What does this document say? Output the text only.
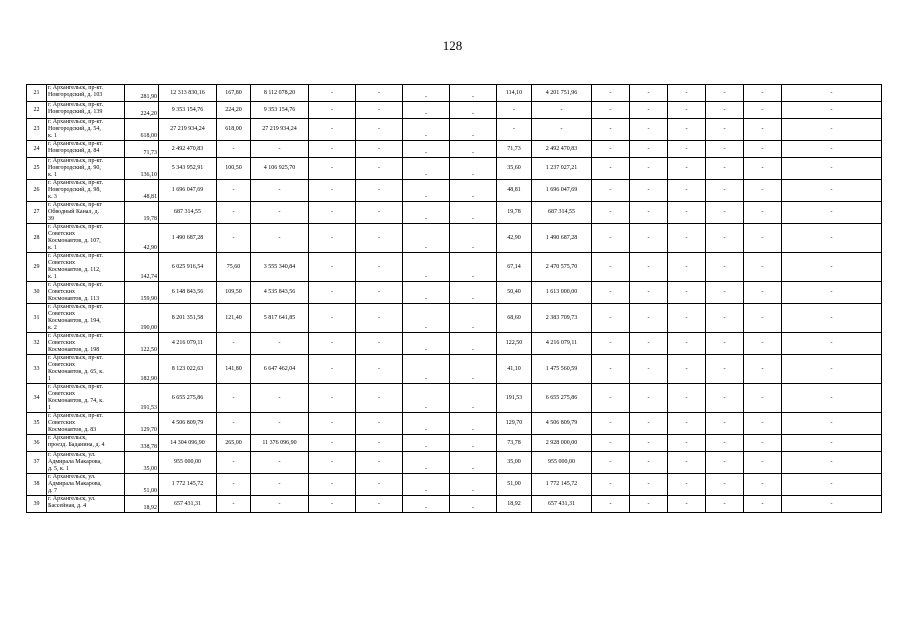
128
21	г. Архангельск, пр-кт.
Новгородский, д. 103	281,90	12 313 830,16	167,80	8 112 078,20	-	-	-	-	114,10	4 201 751,96	-	-	-	-	-	-
22	г. Архангельск, пр-кт.
Новгородский, д. 139	224,20	9 353 154,76	224,20	9 353 154,76	-	-	-	-	-	-	-	-	-	-	-	-
23	г. Архангельск, пр-кт.
Новгородский, д. 54,
к. 1	618,00	27 219 934,24	618,00	27 219 934,24	-	-	-	-	-	-	-	-	-	-	-	-
24	г. Архангельск, пр-кт.
Новгородский, д. 84	71,73	2 492 470,83	-	-	-	-	-	-	71,73	2 492 470,83	-	-	-	-	-	-
25	г. Архангельск, пр-кт.
Новгородский, д. 90,
к. 1	136,10	5 343 952,91	100,50	4 106 925,70	-	-	-	-	35,60	1 237 027,21	-	-	-	-	-	-
26	г. Архангельск, пр-кт.
Новгородский, д. 98,
к. 3	48,81	1 696 047,69	-	-	-	-	-	-	48,81	1 696 047,69	-	-	-	-	-	-
27	г. Архангельск, пр-кт
Обводный Канал, д.
39	19,78	687 314,55	-	-	-	-	-	-	19,78	687 314,55	-	-	-	-	-	-
28	г. Архангельск, пр-кт.
Советских
Космонавтов, д. 107,
к. 1	42,90	1 490 687,28	-	-	-	-	-	-	42,90	1 490 687,28	-	-	-	-	-	-
29	г. Архангельск, пр-кт.
Советских
Космонавтов, д. 112,
к. 1	142,74	6 025 916,54	75,60	3 555 340,84	-	-	-	-	67,14	2 470 575,70	-	-	-	-	-	-
30	г. Архангельск, пр-кт.
Советских
Космонавтов, д. 113	159,90	6 148 843,56	109,50	4 535 843,56	-	-	-	-	50,40	1 613 000,00	-	-	-	-	-	-
31	г. Архангельск, пр-кт.
Советских
Космонавтов, д. 194,
к. 2	190,00	8 201 351,58	121,40	5 817 641,85	-	-	-	-	68,60	2 383 709,73	-	-	-	-	-	-
32	г. Архангельск, пр-кт.
Советских
Космонавтов, д. 198	122,50	4 216 079,11	-	-	-	-	-	-	122,50	4 216 079,11	-	-	-	-	-	-
33	г. Архангельск, пр-кт.
Советских
Космонавтов, д. 65, к.
1	182,90	8 123 022,63	141,80	6 647 462,04	-	-	-	-	41,10	1 475 560,59	-	-	-	-	-	-
34	г. Архангельск, пр-кт.
Советских
Космонавтов, д. 74, к.
1	191,53	6 655 275,86	-	-	-	-	-	-	191,53	6 655 275,86	-	-	-	-	-	-
35	г. Архангельск, пр-кт.
Советских
Космонавтов, д. 83	129,70	4 506 809,79	-	-	-	-	-	-	129,70	4 506 809,79	-	-	-	-	-	-
36	г. Архангельск,
проезд. Баданина, д. 4	338,78	14 304 096,90	265,00	11 376 096,90	-	-	-	-	73,78	2 928 000,00	-	-	-	-	-	-
37	г. Архангельск, ул.
Адмирала Макарова,
д. 5, к. 1	35,00	955 000,00	-	-	-	-	-	-	35,00	955 000,00	-	-	-	-	-	-
38	г. Архангельск, ул.
Адмирала Макарова,
д. 7	51,00	1 772 145,72	-	-	-	-	-	-	51,00	1 772 145,72	-	-	-	-	-	-
39	г. Архангельск, ул.
Бассейная, д. 4	18,92	657 431,31	-	-	-	-	-	-	18,92	657 431,31	-	-	-	-	-	-
